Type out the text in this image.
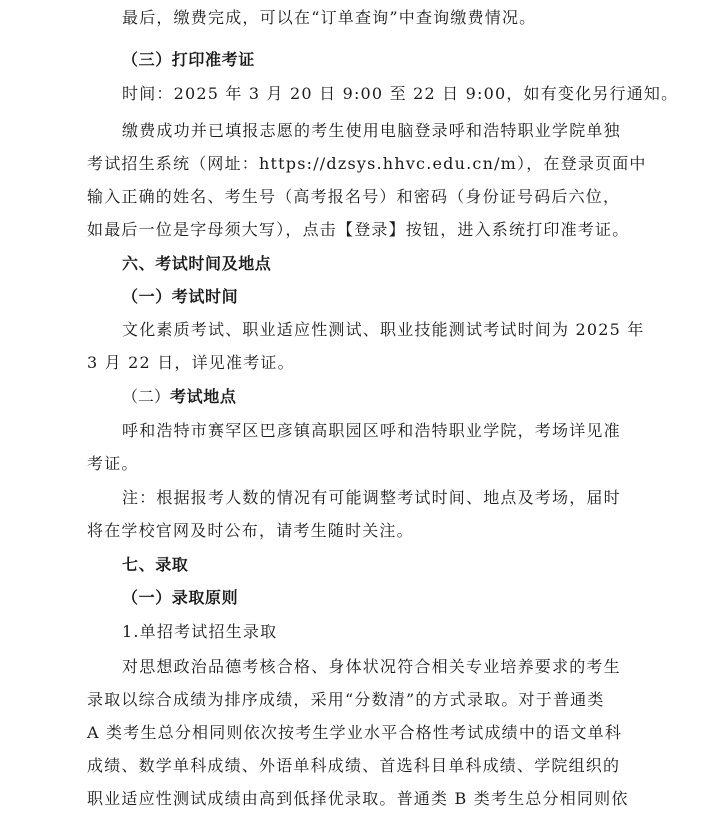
最后，缴费完成，可以在“订单查询”中查询缴费情况。
（三）打印准考证
时间：2025 年 3 月 20 日 9:00 至 22 日 9:00，如有变化另行通知。
缴费成功并已填报志愿的考生使用电脑登录呼和浩特职业学院单独
考试招生系统（网址：https://dzsys.hhvc.edu.cn/m），在登录页面中
输入正确的姓名、考生号（高考报名号）和密码（身份证号码后六位，
如最后一位是字母须大写），点击【登录】按钮，进入系统打印准考证。
六、考试时间及地点
（一）考试时间
文化素质考试、职业适应性测试、职业技能测试考试时间为 2025 年
3 月 22 日，详见准考证。
（二）考试地点
呼和浩特市赛罕区巴彦镇高职园区呼和浩特职业学院，考场详见准
考证。
注：根据报考人数的情况有可能调整考试时间、地点及考场，届时
将在学校官网及时公布，请考生随时关注。
七、录取
（一）录取原则
1.单招考试招生录取
对思想政治品德考核合格、身体状况符合相关专业培养要求的考生
录取以综合成绩为排序成绩，采用“分数清”的方式录取。对于普通类
A 类考生总分相同则依次按考生学业水平合格性考试成绩中的语文单科
成绩、数学单科成绩、外语单科成绩、首选科目单科成绩、学院组织的
职业适应性测试成绩由高到低择优录取。普通类 B 类考生总分相同则依
